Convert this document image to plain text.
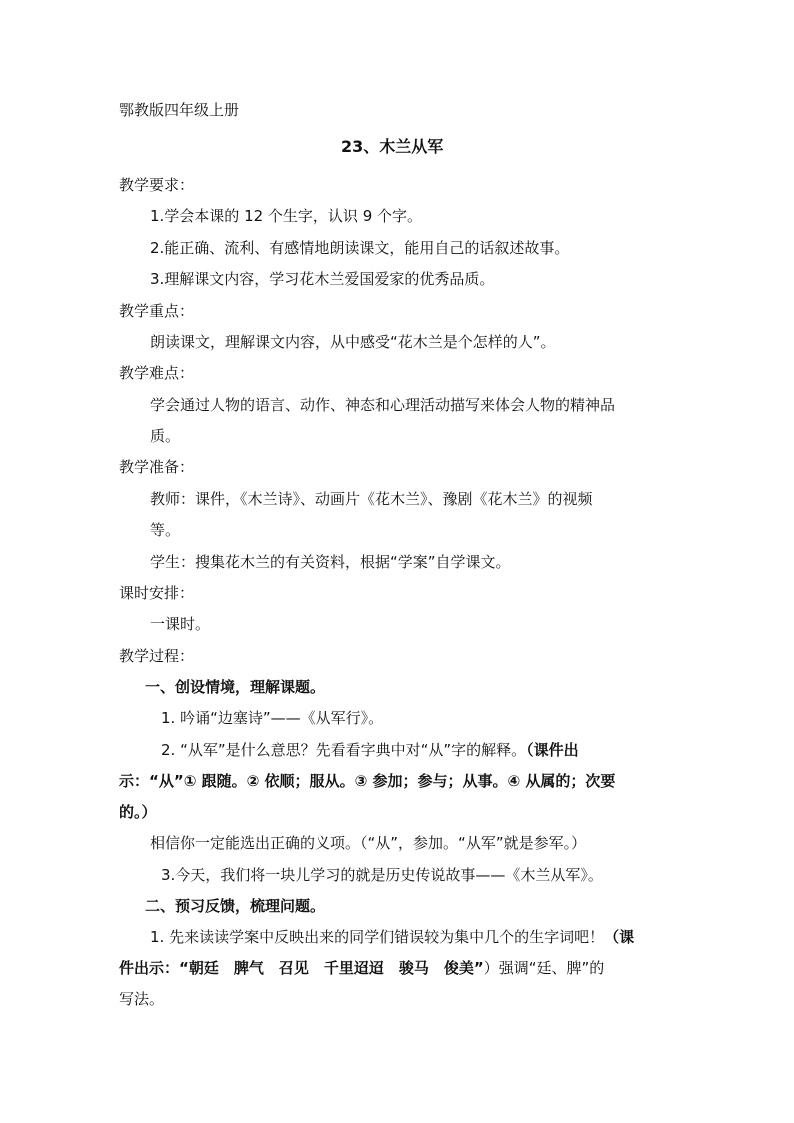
鄂教版四年级上册
23、木兰从军
教学要求：
1.学会本课的 12 个生字，认识 9 个字。
2.能正确、流利、有感情地朗读课文，能用自己的话叙述故事。
3.理解课文内容，学习花木兰爱国爱家的优秀品质。
教学重点：
朗读课文，理解课文内容，从中感受“花木兰是个怎样的人”。
教学难点：
学会通过人物的语言、动作、神态和心理活动描写来体会人物的精神品
质。
教学准备：
教师：课件，《木兰诗》、动画片《花木兰》、豫剧《花木兰》的视频
等。
学生：搜集花木兰的有关资料，根据“学案”自学课文。
课时安排：
一课时。
教学过程：
一、创设情境，理解课题。
1. 吟诵“边塞诗”——《从军行》。
2. “从军”是什么意思？先看看字典中对“从”字的解释。（课件出
示：“从”① 跟随。② 依顺；服从。③ 参加；参与；从事。④ 从属的；次要
的。）
相信你一定能选出正确的义项。（“从”，参加。“从军”就是参军。）
3.今天，我们将一块儿学习的就是历史传说故事——《木兰从军》。
二、预习反馈，梳理问题。
1. 先来读读学案中反映出来的同学们错误较为集中几个的生字词吧！（课
件出示：“朝廷　脾气　召见　千里迢迢　骏马　俊美”）强调“廷、脾”的
写法。
